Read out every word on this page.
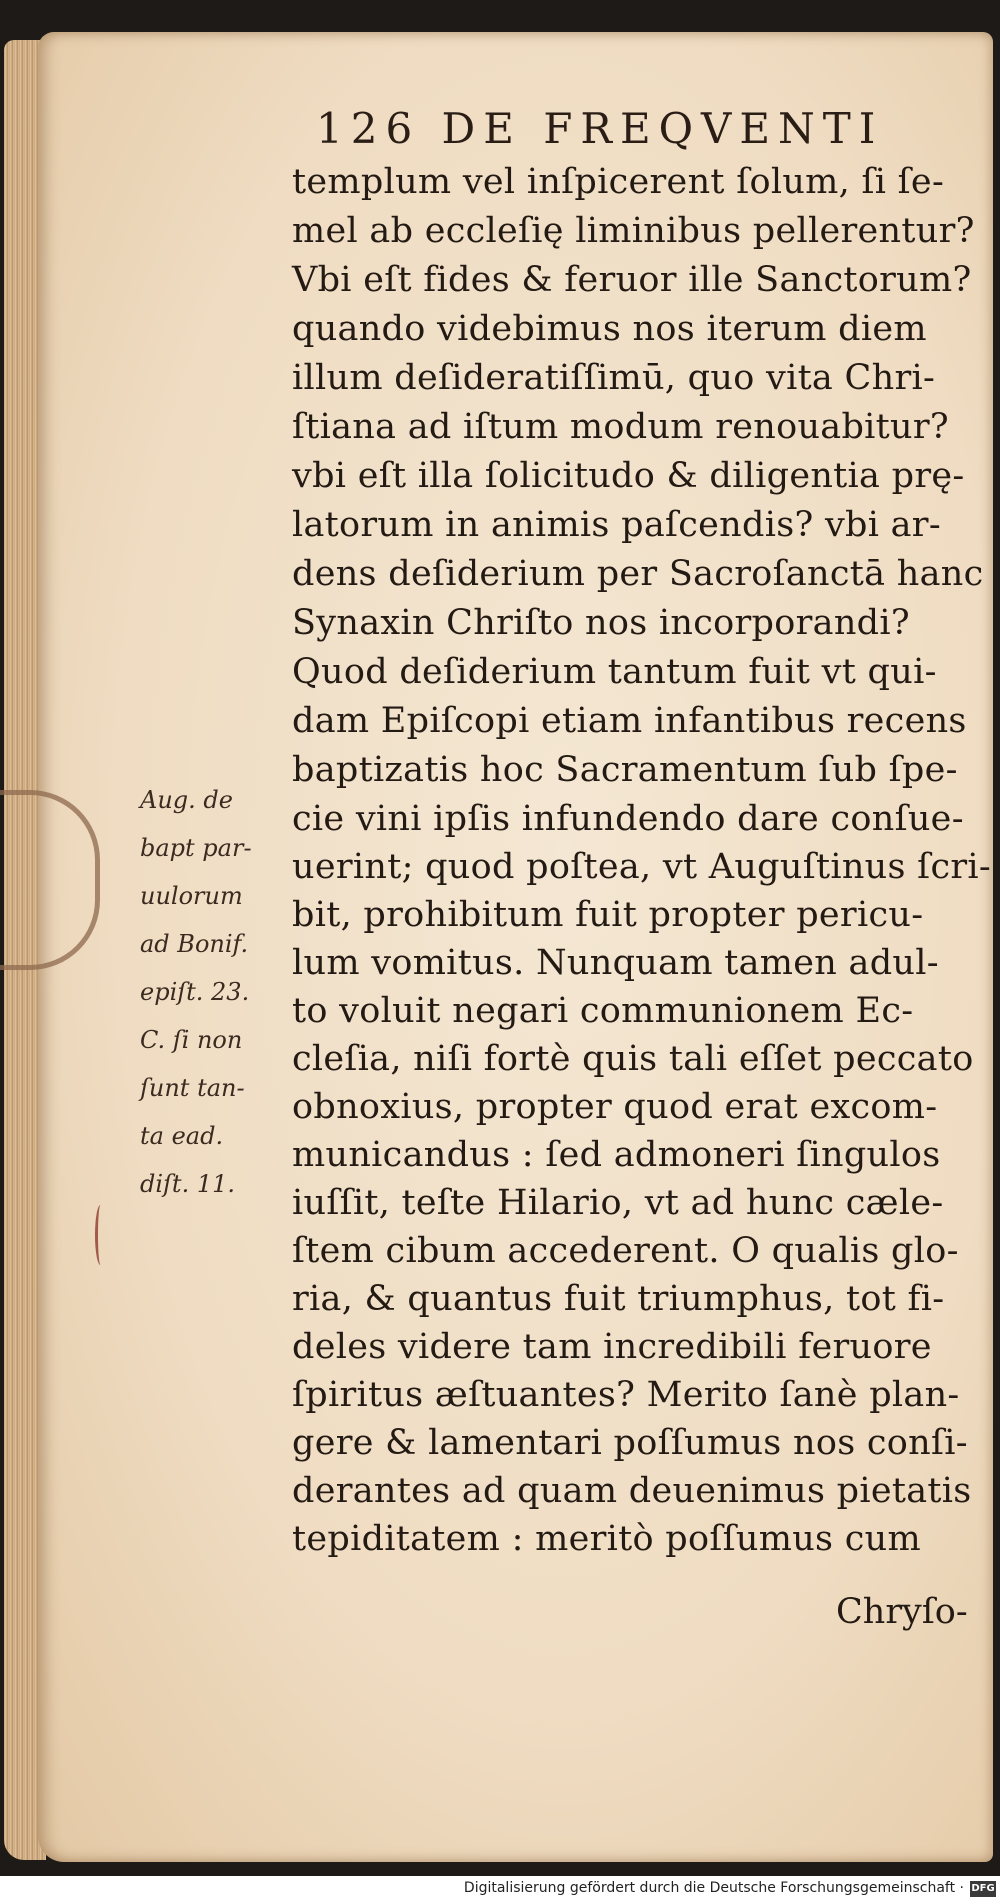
126 DE FREQVENTI
templum vel inſpicerent ſolum, ſi ſe-
mel ab eccleſię liminibus pellerentur?
Vbi eſt fides & feruor ille Sanctorum?
quando videbimus nos iterum diem
illum deſideratiſſimū, quo vita Chri-
ſtiana ad iſtum modum renouabitur?
vbi eſt illa ſolicitudo & diligentia prę-
latorum in animis paſcendis? vbi ar-
dens deſiderium per Sacroſanctā hanc
Synaxin Chriſto nos incorporandi?
Quod deſiderium tantum fuit vt qui-
dam Epiſcopi etiam infantibus recens
baptizatis hoc Sacramentum ſub ſpe-
cie vini ipſis infundendo dare conſue-
uerint; quod poſtea, vt Auguſtinus ſcri-
bit, prohibitum fuit propter pericu-
lum vomitus. Nunquam tamen adul-
to voluit negari communionem Ec-
cleſia, niſi fortè quis tali eſſet peccato
obnoxius, propter quod erat excom-
municandus : ſed admoneri ſingulos
iuſſit, teſte Hilario, vt ad hunc cæle-
ſtem cibum accederent. O qualis glo-
ria, & quantus fuit triumphus, tot fi-
deles videre tam incredibili feruore
ſpiritus æſtuantes? Merito ſanè plan-
gere & lamentari poſſumus nos conſi-
derantes ad quam deuenimus pietatis
tepiditatem : meritò poſſumus cum
Aug. de
bapt par-
uulorum
ad Bonif.
epiſt. 23.
C. ſi non
ſunt tan-
ta ead.
diſt. 11.
Chryſo-
Digitalisierung gefördert durch die Deutsche Forschungsgemeinschaft · DFG
